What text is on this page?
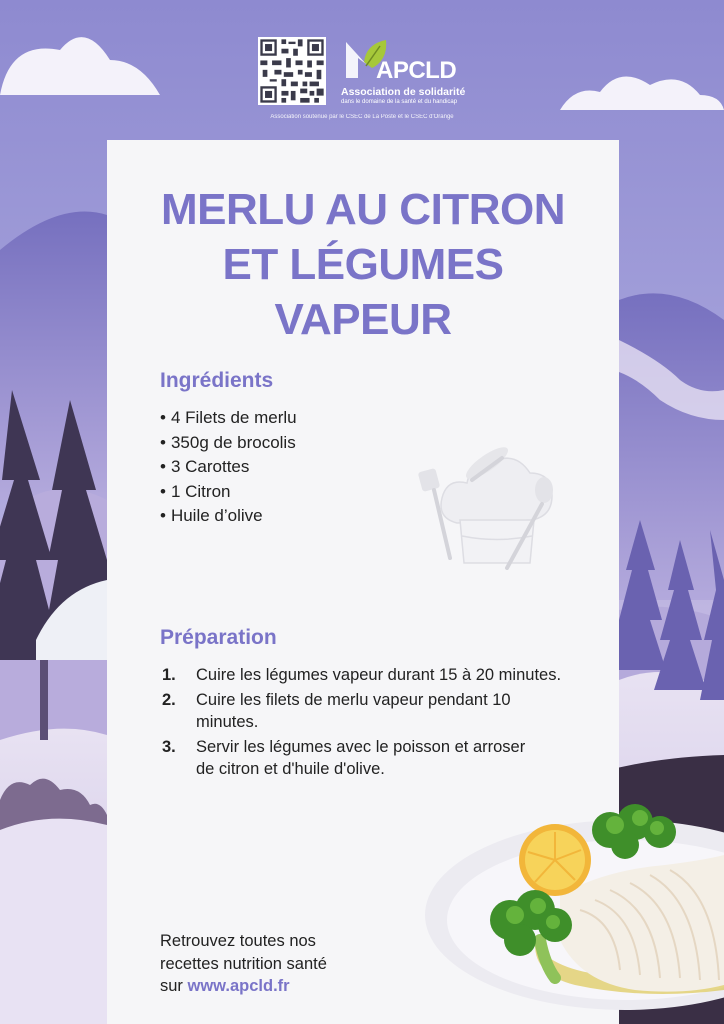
APCLD
Association de solidarité
dans le domaine de la santé et du handicap
Association soutenue par le CSEC de La Poste et le CSEC d'Orange
MERLU AU CITRON
ET LÉGUMES
VAPEUR
Ingrédients
• 4 Filets de merlu
• 350g de brocolis
• 3 Carottes
• 1 Citron
• Huile d’olive
Préparation
1. Cuire les légumes vapeur durant 15 à 20 minutes.
2. Cuire les filets de merlu vapeur pendant 10 minutes.
3. Servir les légumes avec le poisson et arroser de citron et d'huile d'olive.
Retrouvez toutes nos
recettes nutrition santé
sur www.apcld.fr
